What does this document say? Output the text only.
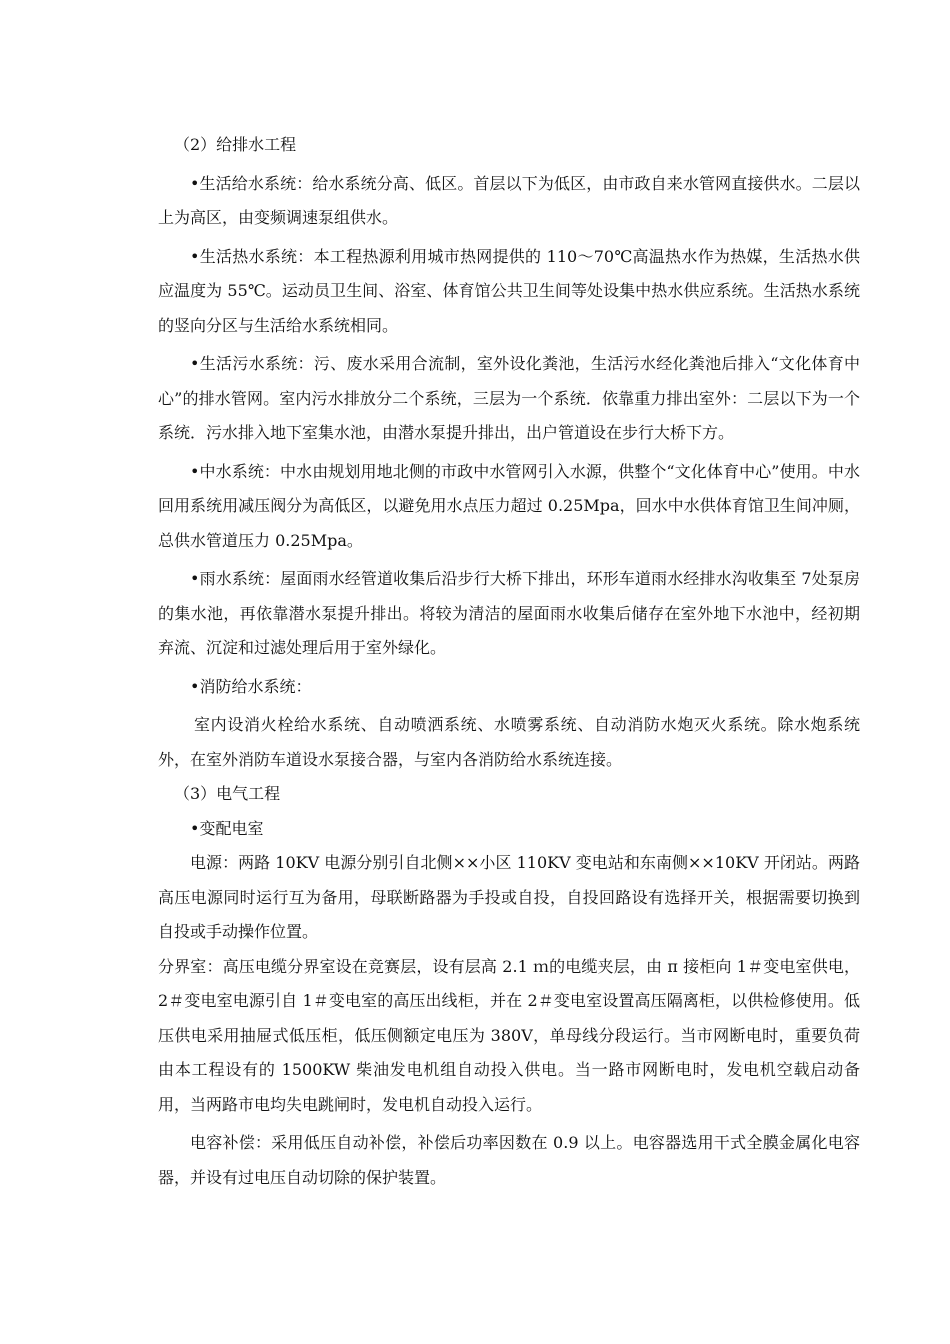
（2）给排水工程

•生活给水系统：给水系统分高、低区。首层以下为低区，由市政自来水管网直接供水。二层以上为高区，由变频调速泵组供水。

•生活热水系统：本工程热源利用城市热网提供的 110～70℃高温热水作为热媒，生活热水供应温度为 55℃。运动员卫生间、浴室、体育馆公共卫生间等处设集中热水供应系统。生活热水系统的竖向分区与生活给水系统相同。

•生活污水系统：污、废水采用合流制，室外设化粪池，生活污水经化粪池后排入“文化体育中心”的排水管网。室内污水排放分二个系统，三层为一个系统．依靠重力排出室外：二层以下为一个系统．污水排入地下室集水池，由潜水泵提升排出，出户管道设在步行大桥下方。

•中水系统：中水由规划用地北侧的市政中水管网引入水源，供整个“文化体育中心”使用。中水回用系统用减压阀分为高低区，以避免用水点压力超过 0.25Mpa，回水中水供体育馆卫生间冲厕，总供水管道压力 0.25Mpa。

•雨水系统：屋面雨水经管道收集后沿步行大桥下排出，环形车道雨水经排水沟收集至 7处泵房的集水池，再依靠潜水泵提升排出。将较为清洁的屋面雨水收集后储存在室外地下水池中，经初期弃流、沉淀和过滤处理后用于室外绿化。

•消防给水系统：

室内设消火栓给水系统、自动喷洒系统、水喷雾系统、自动消防水炮灭火系统。除水炮系统外，在室外消防车道设水泵接合器，与室内各消防给水系统连接。

（3）电气工程

•变配电室

电源：两路 10KV 电源分别引自北侧××小区 110KV 变电站和东南侧××10KV 开闭站。两路高压电源同时运行互为备用，母联断路器为手投或自投，自投回路设有选择开关，根据需要切换到自投或手动操作位置。

分界室：高压电缆分界室设在竞赛层，设有层高 2.1 ｍ的电缆夹层，由 π 接柜向 1＃变电室供电，2＃变电室电源引自 1＃变电室的高压出线柜，并在 2＃变电室设置高压隔离柜，以供检修使用。低压供电采用抽屉式低压柜，低压侧额定电压为 380V，单母线分段运行。当市网断电时，重要负荷由本工程设有的 1500KW 柴油发电机组自动投入供电。当一路市网断电时，发电机空载启动备用，当两路市电均失电跳闸时，发电机自动投入运行。

电容补偿：采用低压自动补偿，补偿后功率因数在 0.9 以上。电容器选用干式全膜金属化电容器，并设有过电压自动切除的保护装置。
